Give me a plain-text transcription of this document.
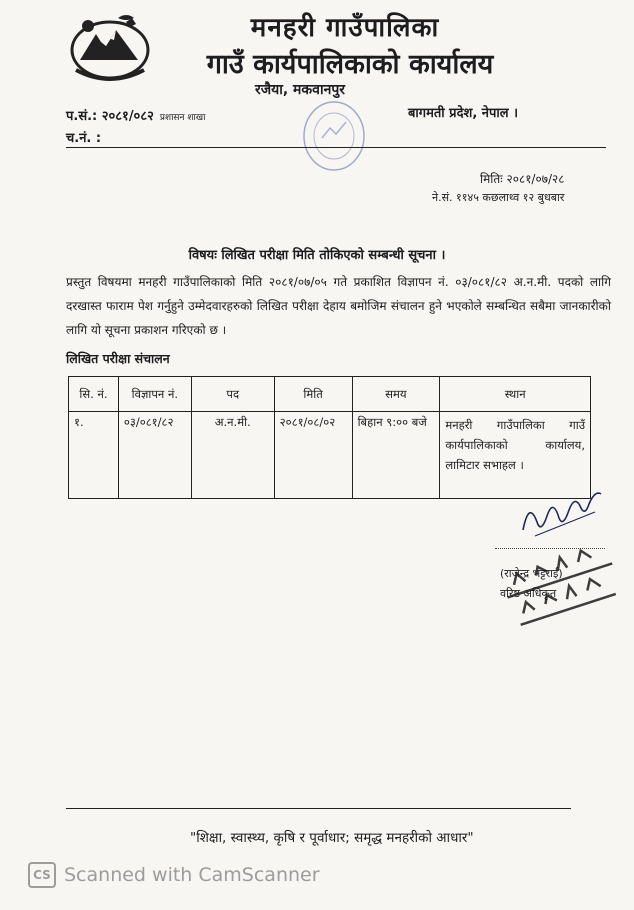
मनहरी गाउँपालिका
गाउँ कार्यपालिकाको कार्यालय
रजैया, मकवानपुर
प.सं.: २०८१/०८२ प्रशासन शाखा
च.नं. :
बागमती प्रदेश, नेपाल ।
मितिः २०८१/०७/२८
ने.सं. ११४५ कछलाथ्व १२ बुधबार
विषयः लिखित परीक्षा मिति तोकिएको सम्बन्धी सूचना ।
प्रस्तुत विषयमा मनहरी गाउँपालिकाको मिति २०८१/०७/०५ गते प्रकाशित विज्ञापन नं. ०३/०८१/८२ अ.न.मी. पदको लागि दरखास्त फाराम पेश गर्नुहुने उम्मेदवारहरुको लिखित परीक्षा देहाय बमोजिम संचालन हुने भएकोले सम्बन्धित सबैमा जानकारीको लागि यो सूचना प्रकाशन गरिएको छ ।
लिखित परीक्षा संचालन
सि. नं.	विज्ञापन नं.	पद	मिति	समय	स्थान
१.	०३/०८१/८२	अ.न.मी.	२०८१/०८/०२	बिहान ९:०० बजे	मनहरी गाउँपालिका गाउँ कार्यपालिकाको कार्यालय, लामिटार सभाहल ।
(राजेन्द्र भट्टराई)
वरिष्ठ अधिकृत
"शिक्षा, स्वास्थ्य, कृषि र पूर्वाधार; समृद्ध मनहरीको आधार"
CS Scanned with CamScanner
